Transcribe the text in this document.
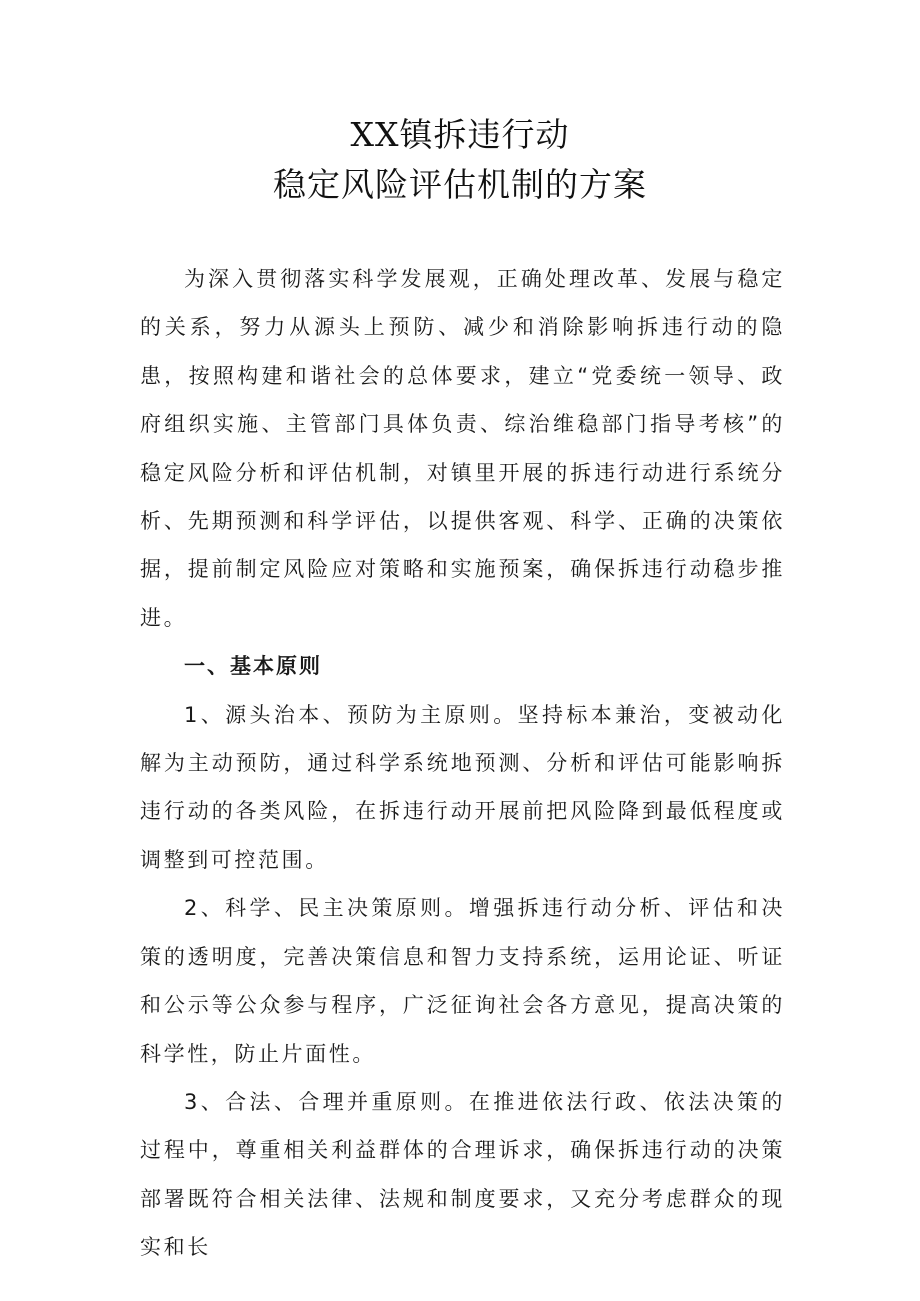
XX镇拆违行动
稳定风险评估机制的方案

为深入贯彻落实科学发展观，正确处理改革、发展与稳定的关系，努力从源头上预防、减少和消除影响拆违行动的隐患，按照构建和谐社会的总体要求，建立“党委统一领导、政府组织实施、主管部门具体负责、综治维稳部门指导考核”的稳定风险分析和评估机制，对镇里开展的拆违行动进行系统分析、先期预测和科学评估，以提供客观、科学、正确的决策依据，提前制定风险应对策略和实施预案，确保拆违行动稳步推进。

一、基本原则

1、源头治本、预防为主原则。坚持标本兼治，变被动化解为主动预防，通过科学系统地预测、分析和评估可能影响拆违行动的各类风险，在拆违行动开展前把风险降到最低程度或调整到可控范围。

2、科学、民主决策原则。增强拆违行动分析、评估和决策的透明度，完善决策信息和智力支持系统，运用论证、听证和公示等公众参与程序，广泛征询社会各方意见，提高决策的科学性，防止片面性。

3、合法、合理并重原则。在推进依法行政、依法决策的过程中，尊重相关利益群体的合理诉求，确保拆违行动的决策部署既符合相关法律、法规和制度要求，又充分考虑群众的现实和长
